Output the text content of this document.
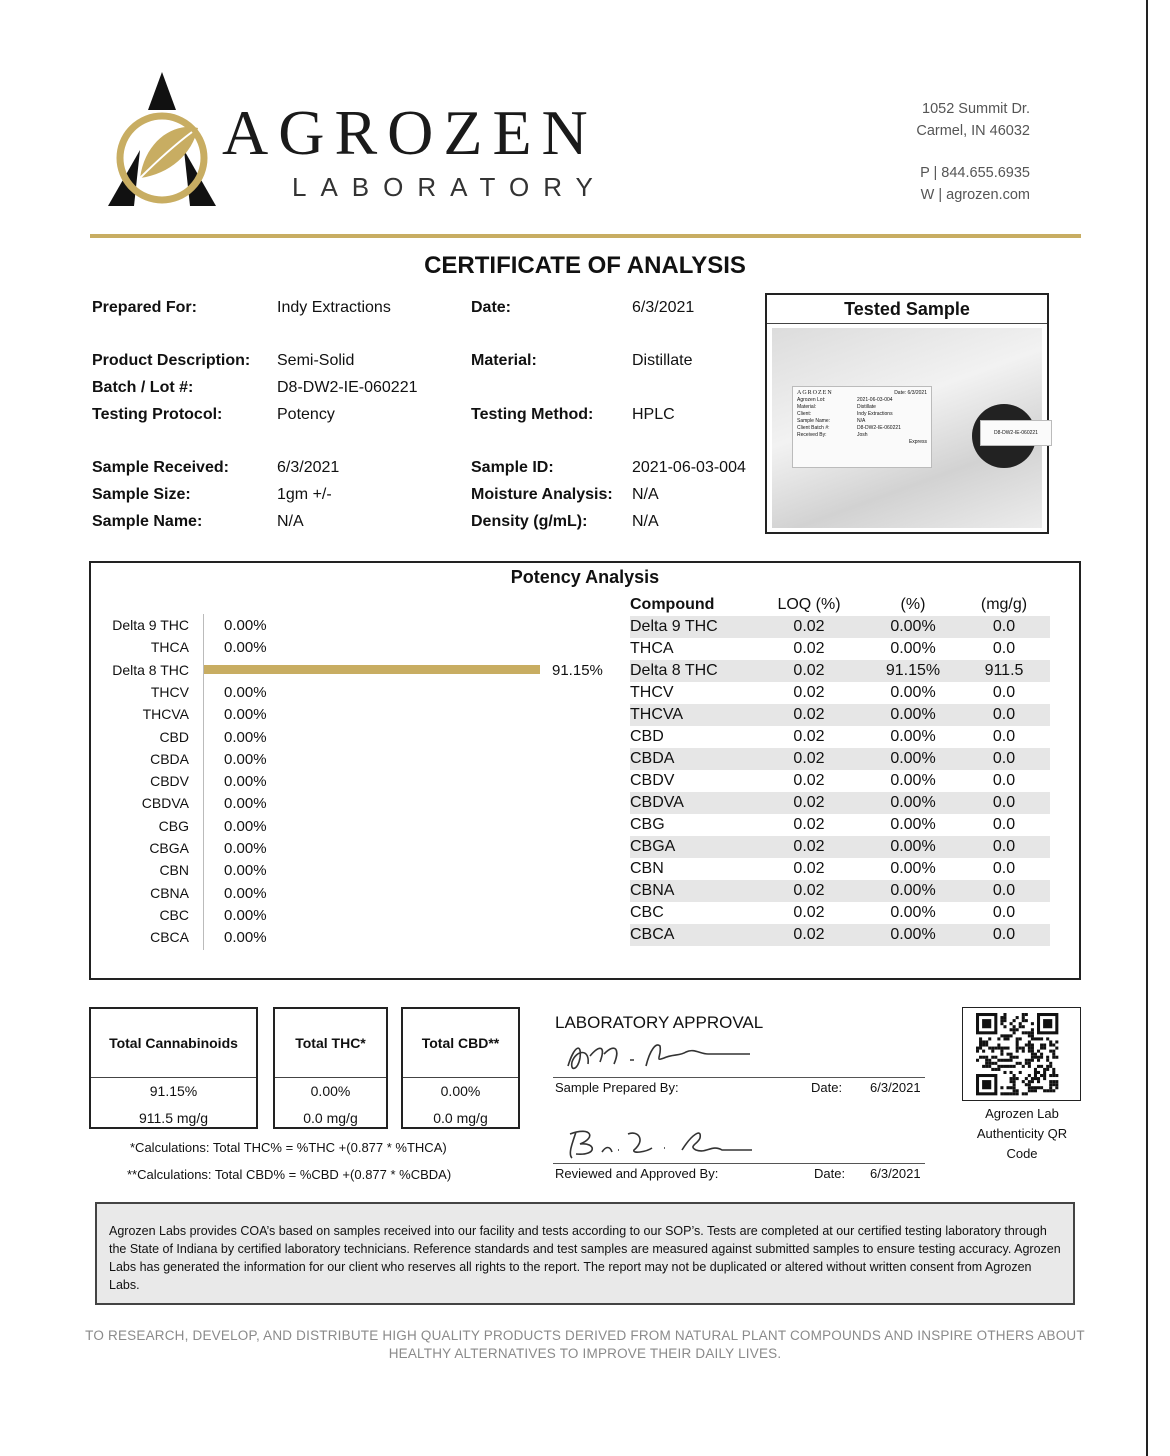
AGROZEN
LABORATORY
1052 Summit Dr.
Carmel, IN 46032
P | 844.655.6935
W | agrozen.com
CERTIFICATE OF ANALYSIS
Prepared For:	Indy Extractions	Date:	6/3/2021
Product Description: Semi-Solid	Material:	Distillate
Batch / Lot #:	D8-DW2-IE-060221
Testing Protocol:	Potency	Testing Method: HPLC
Sample Received:	6/3/2021	Sample ID:	2021-06-03-004
Sample Size:	1gm +/-	Moisture Analysis: N/A
Sample Name:	N/A	Density (g/mL):	N/A
Tested Sample
AGROZEN	Date: 6/3/2021
Agrozen Lot:	2021-06-03-004
Material:	Distillate
Client:	Indy Extractions
Sample Name:	N/A
Client Batch #:	D8-DW2-IE-060221
Received By:	Josh
Express
D8-DW2-IE-060221
Potency Analysis
Delta 9 THC 0.00%
THCA 0.00%
Delta 8 THC	91.15%
THCV 0.00%
THCVA 0.00%
CBD 0.00%
CBDA 0.00%
CBDV 0.00%
CBDVA 0.00%
CBG 0.00%
CBGA 0.00%
CBN 0.00%
CBNA 0.00%
CBC 0.00%
CBCA 0.00%
Compound	LOQ (%)	(%)	(mg/g)
Delta 9 THC	0.02	0.00%	0.0
THCA	0.02	0.00%	0.0
Delta 8 THC	0.02	91.15%	911.5
THCV	0.02	0.00%	0.0
THCVA	0.02	0.00%	0.0
CBD	0.02	0.00%	0.0
CBDA	0.02	0.00%	0.0
CBDV	0.02	0.00%	0.0
CBDVA	0.02	0.00%	0.0
CBG	0.02	0.00%	0.0
CBGA	0.02	0.00%	0.0
CBN	0.02	0.00%	0.0
CBNA	0.02	0.00%	0.0
CBC	0.02	0.00%	0.0
CBCA	0.02	0.00%	0.0
Total Cannabinoids
91.15%
911.5 mg/g
Total THC*
0.00%
0.0 mg/g
Total CBD**
0.00%
0.0 mg/g
*Calculations: Total THC% = %THC +(0.877 * %THCA)
**Calculations: Total CBD% = %CBD +(0.877 * %CBDA)
LABORATORY APPROVAL
Sample Prepared By:	Date: 6/3/2021
Reviewed and Approved By:	Date: 6/3/2021
Agrozen Lab Authenticity QR Code
Agrozen Labs provides COA’s based on samples received into our facility and tests according to our SOP’s. Tests are completed at our certified testing laboratory through the State of Indiana by certified laboratory technicians. Reference standards and test samples are measured against submitted samples to ensure testing accuracy. Agrozen Labs has generated the information for our client who reserves all rights to the report. The report may not be duplicated or altered without written consent from Agrozen Labs.
TO RESEARCH, DEVELOP, AND DISTRIBUTE HIGH QUALITY PRODUCTS DERIVED FROM NATURAL PLANT COMPOUNDS AND INSPIRE OTHERS ABOUT HEALTHY ALTERNATIVES TO IMPROVE THEIR DAILY LIVES.
